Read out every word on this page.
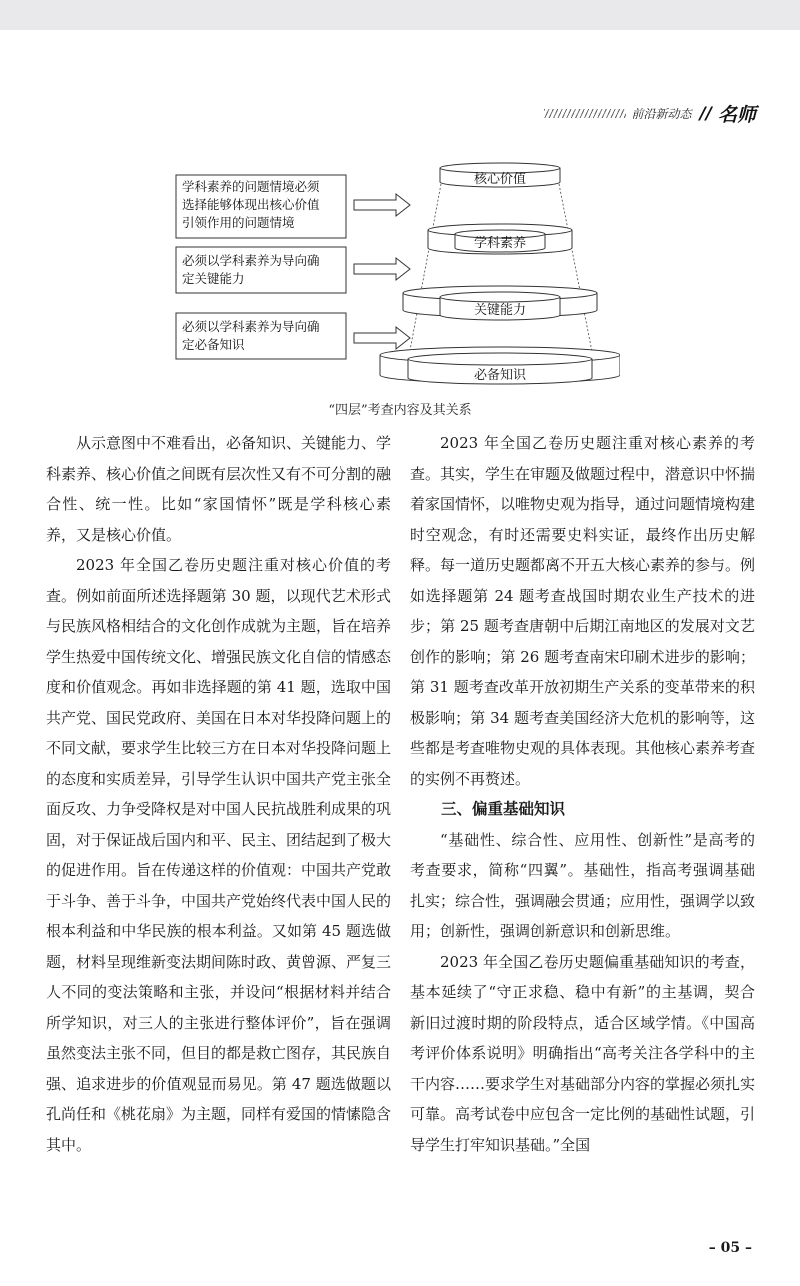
前沿新动态 // 名师
学科素养的问题情境必须 选择能够体现出核心价值 引领作用的问题情境
必须以学科素养为导向确 定关键能力
必须以学科素养为导向确 定必备知识
核心价值
学科素养
关键能力
必备知识
“四层”考查内容及其关系

从示意图中不难看出，必备知识、关键能力、学科素养、核心价值之间既有层次性又有不可分割的融合性、统一性。比如“家国情怀”既是学科核心素养，又是核心价值。

2023 年全国乙卷历史题注重对核心价值的考查。例如前面所述选择题第 30 题，以现代艺术形式与民族风格相结合的文化创作成就为主题，旨在培养学生热爱中国传统文化、增强民族文化自信的情感态度和价值观念。再如非选择题的第 41 题，选取中国共产党、国民党政府、美国在日本对华投降问题上的不同文献，要求学生比较三方在日本对华投降问题上的态度和实质差异，引导学生认识中国共产党主张全面反攻、力争受降权是对中国人民抗战胜利成果的巩固，对于保证战后国内和平、民主、团结起到了极大的促进作用。旨在传递这样的价值观：中国共产党敢于斗争、善于斗争，中国共产党始终代表中国人民的根本利益和中华民族的根本利益。又如第 45 题选做题，材料呈现维新变法期间陈时政、黄曾源、严复三人不同的变法策略和主张，并设问“根据材料并结合所学知识，对三人的主张进行整体评价”，旨在强调虽然变法主张不同，但目的都是救亡图存，其民族自强、追求进步的价值观显而易见。第 47 题选做题以孔尚任和《桃花扇》为主题，同样有爱国的情愫隐含其中。

2023 年全国乙卷历史题注重对核心素养的考查。其实，学生在审题及做题过程中，潜意识中怀揣着家国情怀，以唯物史观为指导，通过问题情境构建时空观念，有时还需要史料实证，最终作出历史解释。每一道历史题都离不开五大核心素养的参与。例如选择题第 24 题考查战国时期农业生产技术的进步；第 25 题考查唐朝中后期江南地区的发展对文艺创作的影响；第 26 题考查南宋印刷术进步的影响；第 31 题考查改革开放初期生产关系的变革带来的积极影响；第 34 题考查美国经济大危机的影响等，这些都是考查唯物史观的具体表现。其他核心素养考查的实例不再赘述。

三、偏重基础知识

“基础性、综合性、应用性、创新性”是高考的考查要求，简称“四翼”。基础性，指高考强调基础扎实；综合性，强调融会贯通；应用性，强调学以致用；创新性，强调创新意识和创新思维。

2023 年全国乙卷历史题偏重基础知识的考查，基本延续了“守正求稳、稳中有新”的主基调，契合新旧过渡时期的阶段特点，适合区域学情。《中国高考评价体系说明》明确指出“高考关注各学科中的主干内容……要求学生对基础部分内容的掌握必须扎实可靠。高考试卷中应包含一定比例的基础性试题，引导学生打牢知识基础。”全国

– 05 –
